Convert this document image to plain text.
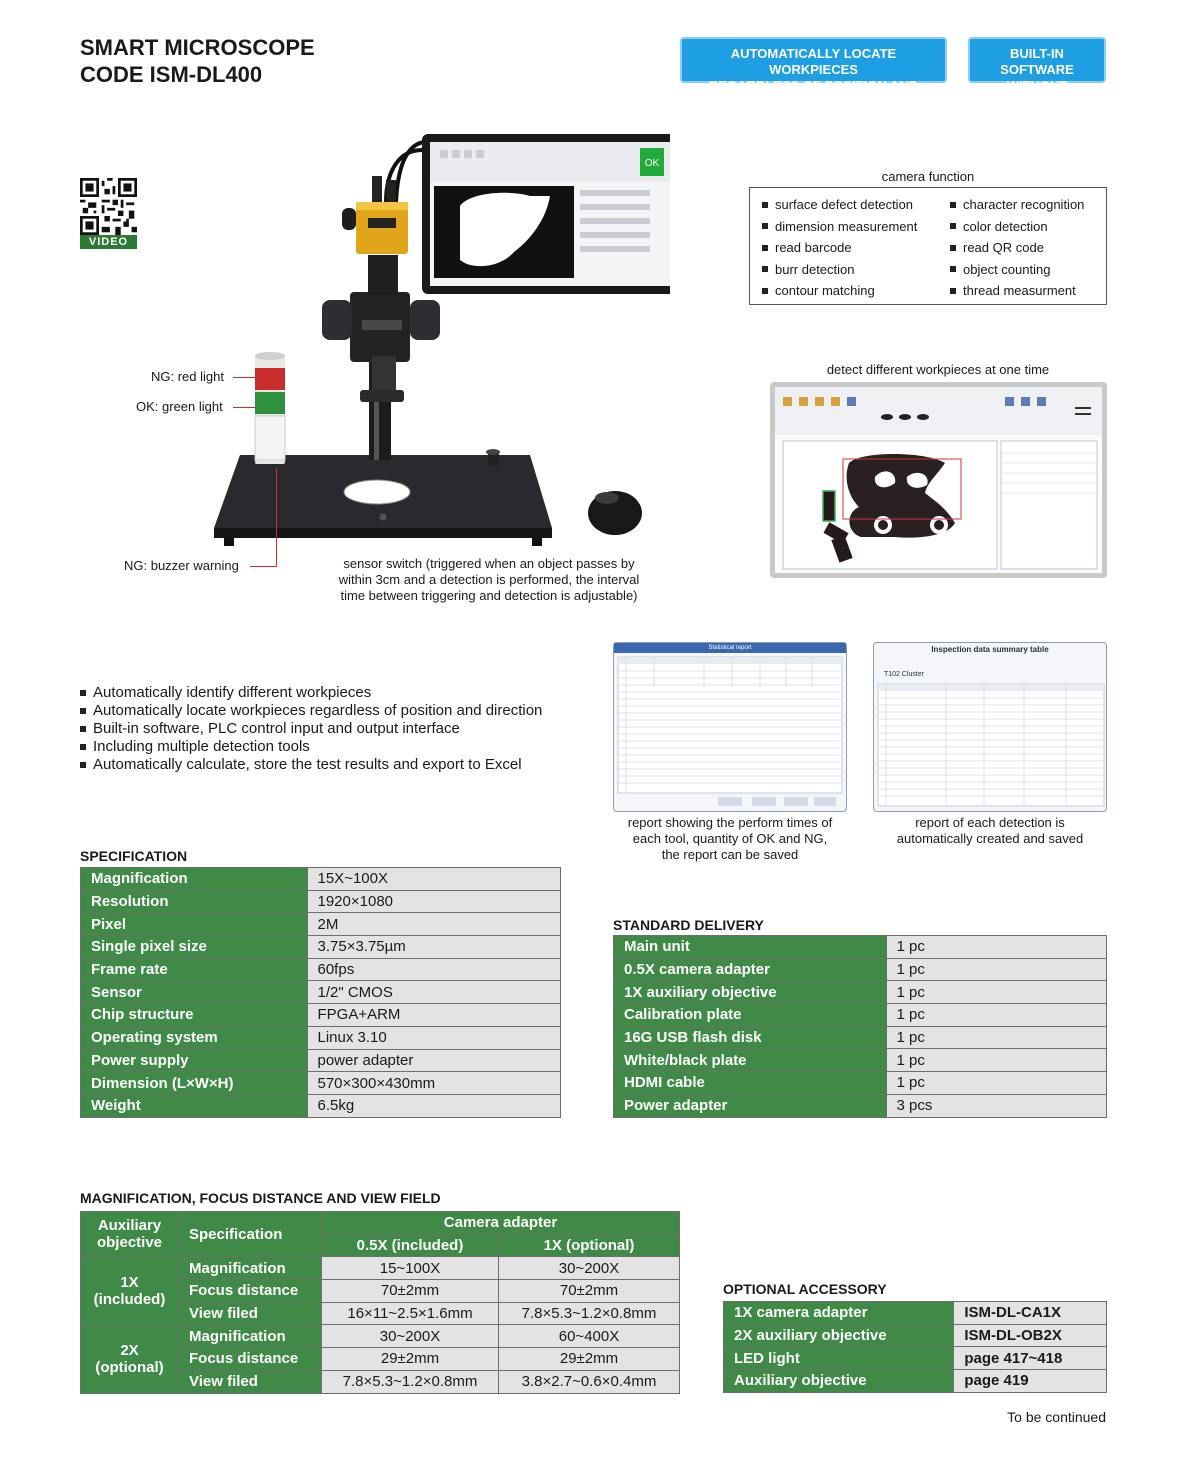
SMART MICROSCOPE
CODE ISM-DL400
AUTOMATICALLY LOCATE WORKPIECES
REGARDLESS OF POSITION AND DIRECTION
BUILT-IN SOFTWARE
WITHOUT COMPUTER
VIDEO
OK
NG: red light
OK: green light
NG: buzzer warning	sensor switch (triggered when an object passes by
within 3cm and a detection is performed, the interval
time between triggering and detection is adjustable)
camera function
surface defect detection	character recognition
dimension measurement	color detection
read barcode	read QR code
burr detection	object counting
contour matching	thread measurment
detect different workpieces at one time
Automatically identify different workpieces
Automatically locate workpieces regardless of position and direction
Built-in software, PLC control input and output interface
Including multiple detection tools
Automatically calculate, store the test results and export to Excel
Statistical report	Inspection data summary table
T102 Cluster
report showing the perform times of
each tool, quantity of OK and NG,
the report can be saved
report of each detection is
automatically created and saved
SPECIFICATION
Magnification	15X~100X
Resolution	1920×1080
Pixel	2M
Single pixel size	3.75×3.75µm
Frame rate	60fps
Sensor	1/2" CMOS
Chip structure	FPGA+ARM
Operating system	Linux 3.10
Power supply	power adapter
Dimension (L×W×H)	570×300×430mm
Weight	6.5kg
STANDARD DELIVERY
Main unit	1 pc
0.5X camera adapter	1 pc
1X auxiliary objective	1 pc
Calibration plate	1 pc
16G USB flash disk	1 pc
White/black plate	1 pc
HDMI cable	1 pc
Power adapter	3 pcs
MAGNIFICATION, FOCUS DISTANCE AND VIEW FIELD
Auxiliary
objective	Specification	Camera adapter	
		0.5X (included)	1X (optional)

1X
(included)	Magnification	15~100X	30~200X
	Focus distance	70±2mm	70±2mm
	View filed	16×11~2.5×1.6mm	7.8×5.3~1.2×0.8mm

2X
(optional)	Magnification	30~200X	60~400X
	Focus distance	29±2mm	29±2mm
	View filed	7.8×5.3~1.2×0.8mm	3.8×2.7~0.6×0.4mm
OPTIONAL ACCESSORY
1X camera adapter	ISM-DL-CA1X
2X auxiliary objective	ISM-DL-OB2X
LED light	page 417~418
Auxiliary objective	page 419
To be continued
